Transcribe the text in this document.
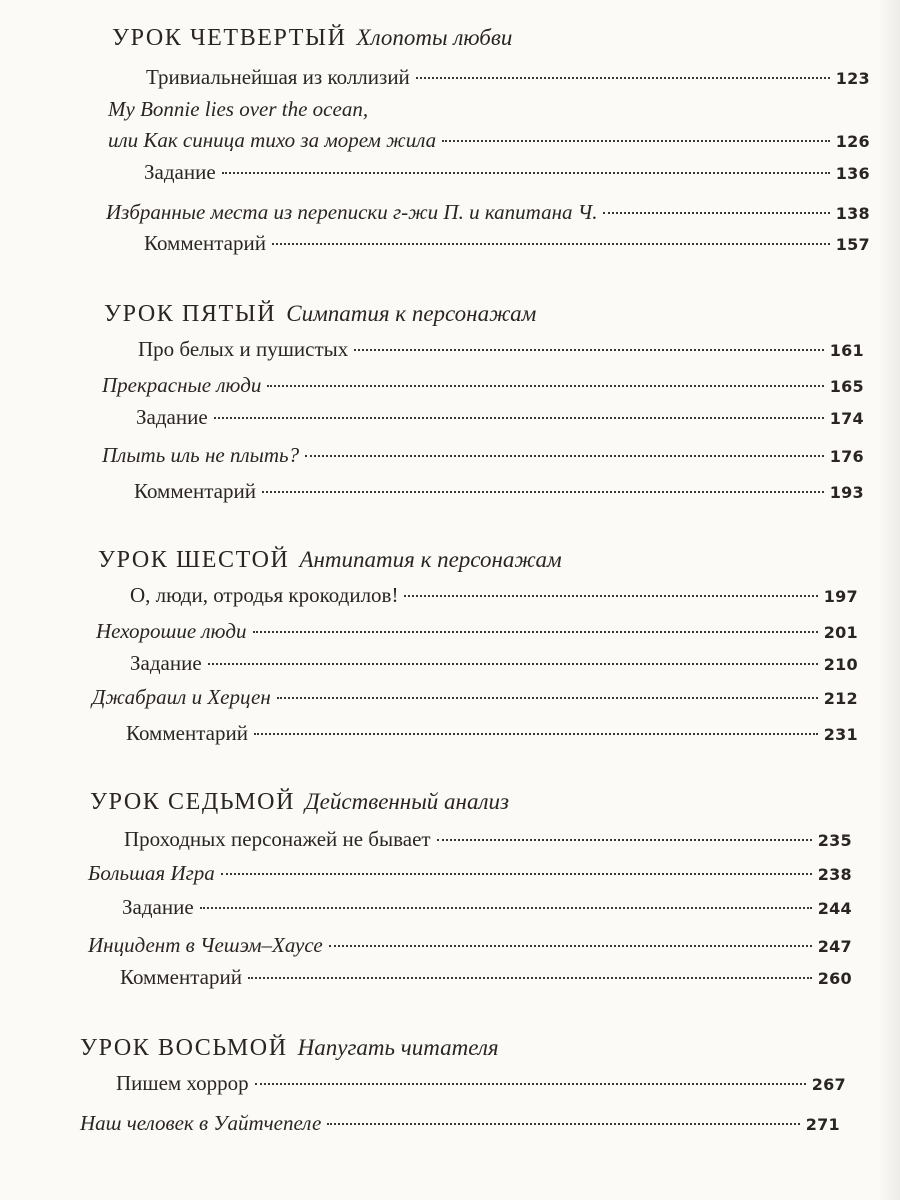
УРОК ЧЕТВЕРТЫЙ Хлопоты любви
Тривиальнейшая из коллизий	123
My Bonnie lies over the ocean,
или Как синица тихо за морем жила	126
Задание	136
Избранные места из переписки г-жи П. и капитана Ч.	138
Комментарий	157
УРОК ПЯТЫЙ Симпатия к персонажам
Про белых и пушистых	161
Прекрасные люди	165
Задание	174
Плыть иль не плыть?	176
Комментарий	193
УРОК ШЕСТОЙ Антипатия к персонажам
О, люди, отродья крокодилов!	197
Нехорошие люди	201
Задание	210
Джабраил и Херцен	212
Комментарий	231
УРОК СЕДЬМОЙ Действенный анализ
Проходных персонажей не бывает	235
Большая Игра	238
Задание	244
Инцидент в Чешэм–Хаусе	247
Комментарий	260
УРОК ВОСЬМОЙ Напугать читателя
Пишем хоррор	267
Наш человек в Уайтчепеле	271
